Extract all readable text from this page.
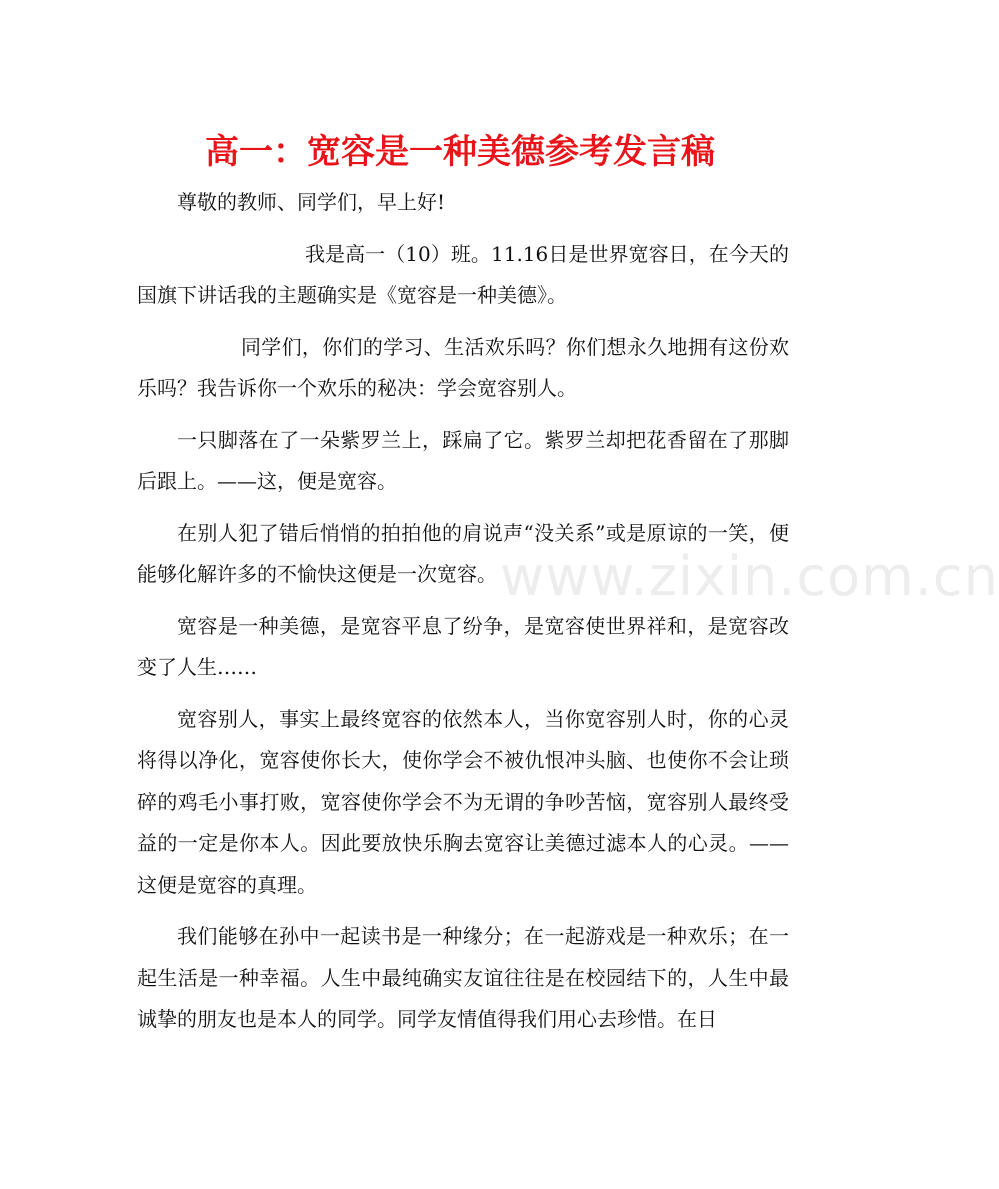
高一：宽容是一种美德参考发言稿

尊敬的教师、同学们，早上好!

我是高一（10）班。11.16日是世界宽容日，在今天的国旗下讲话我的主题确实是《宽容是一种美德》。

同学们，你们的学习、生活欢乐吗？你们想永久地拥有这份欢乐吗？我告诉你一个欢乐的秘决：学会宽容别人。

一只脚落在了一朵紫罗兰上，踩扁了它。紫罗兰却把花香留在了那脚后跟上。——这，便是宽容。

在别人犯了错后悄悄的拍拍他的肩说声“没关系”或是原谅的一笑，便能够化解许多的不愉快这便是一次宽容。

宽容是一种美德，是宽容平息了纷争，是宽容使世界祥和，是宽容改变了人生……

宽容别人，事实上最终宽容的依然本人，当你宽容别人时，你的心灵将得以净化，宽容使你长大，使你学会不被仇恨冲头脑、也使你不会让琐碎的鸡毛小事打败，宽容使你学会不为无谓的争吵苦恼，宽容别人最终受益的一定是你本人。因此要放快乐胸去宽容让美德过滤本人的心灵。——这便是宽容的真理。

我们能够在孙中一起读书是一种缘分；在一起游戏是一种欢乐；在一起生活是一种幸福。人生中最纯确实友谊往往是在校园结下的，人生中最诚挚的朋友也是本人的同学。同学友情值得我们用心去珍惜。在日

www.zixin.com.cn
